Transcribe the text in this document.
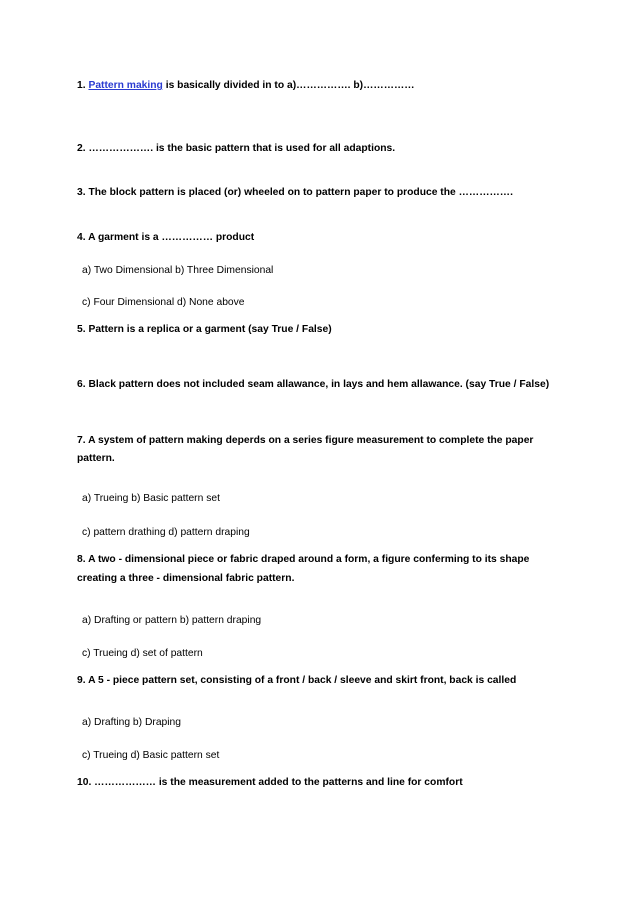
1. Pattern making is basically divided in to a)……………. b)……………
2. ………………. is the basic pattern that is used for all adaptions.
3. The block pattern is placed (or) wheeled on to pattern paper to produce the …………….
4. A garment is a …………… product
a) Two Dimensional b) Three Dimensional
c) Four Dimensional d) None above
5. Pattern is a replica or a garment (say True / False)
6. Black pattern does not included seam allawance, in lays and hem allawance. (say True / False)
7. A system of pattern making deperds on a series figure measurement to complete the paper
pattern.
a) Trueing b) Basic pattern set
c) pattern drathing d) pattern draping
8. A two - dimensional piece or fabric draped around a form, a figure conferming to its shape
creating a three - dimensional fabric pattern.
a) Drafting or pattern b) pattern draping
c) Trueing d) set of pattern
9. A 5 - piece pattern set, consisting of a front / back / sleeve and skirt front, back is called
a) Drafting b) Draping
c) Trueing d) Basic pattern set
10. ……………… is the measurement added to the patterns and line for comfort
